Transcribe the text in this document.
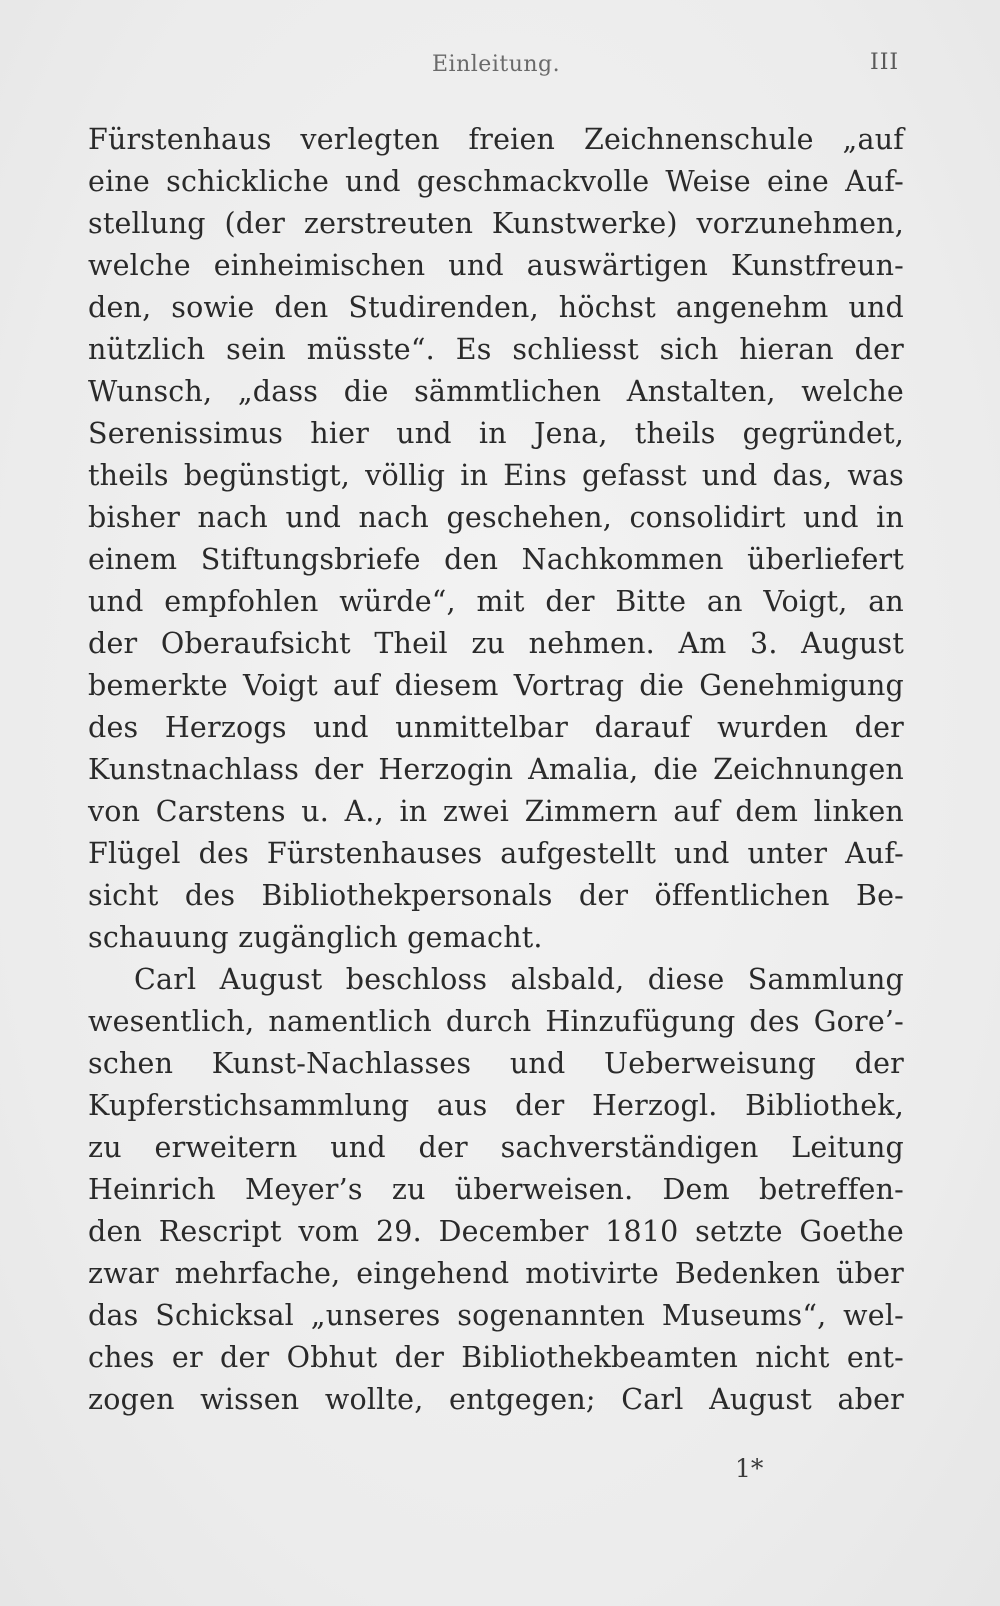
Einleitung.	III
Fürstenhaus verlegten freien Zeichnenschule „auf
eine schickliche und geschmackvolle Weise eine Auf-
stellung (der zerstreuten Kunstwerke) vorzunehmen,
welche einheimischen und auswärtigen Kunstfreun-
den, sowie den Studirenden, höchst angenehm und
nützlich sein müsste“. Es schliesst sich hieran der
Wunsch, „dass die sämmtlichen Anstalten, welche
Serenissimus hier und in Jena, theils gegründet,
theils begünstigt, völlig in Eins gefasst und das, was
bisher nach und nach geschehen, consolidirt und in
einem Stiftungsbriefe den Nachkommen überliefert
und empfohlen würde“, mit der Bitte an Voigt, an
der Oberaufsicht Theil zu nehmen. Am 3. August
bemerkte Voigt auf diesem Vortrag die Genehmigung
des Herzogs und unmittelbar darauf wurden der
Kunstnachlass der Herzogin Amalia, die Zeichnungen
von Carstens u. A., in zwei Zimmern auf dem linken
Flügel des Fürstenhauses aufgestellt und unter Auf-
sicht des Bibliothekpersonals der öffentlichen Be-
schauung zugänglich gemacht.
Carl August beschloss alsbald, diese Sammlung
wesentlich, namentlich durch Hinzufügung des Gore’-
schen Kunst-Nachlasses und Ueberweisung der
Kupferstichsammlung aus der Herzogl. Bibliothek,
zu erweitern und der sachverständigen Leitung
Heinrich Meyer’s zu überweisen. Dem betreffen-
den Rescript vom 29. December 1810 setzte Goethe
zwar mehrfache, eingehend motivirte Bedenken über
das Schicksal „unseres sogenannten Museums“, wel-
ches er der Obhut der Bibliothekbeamten nicht ent-
zogen wissen wollte, entgegen; Carl August aber
1*
